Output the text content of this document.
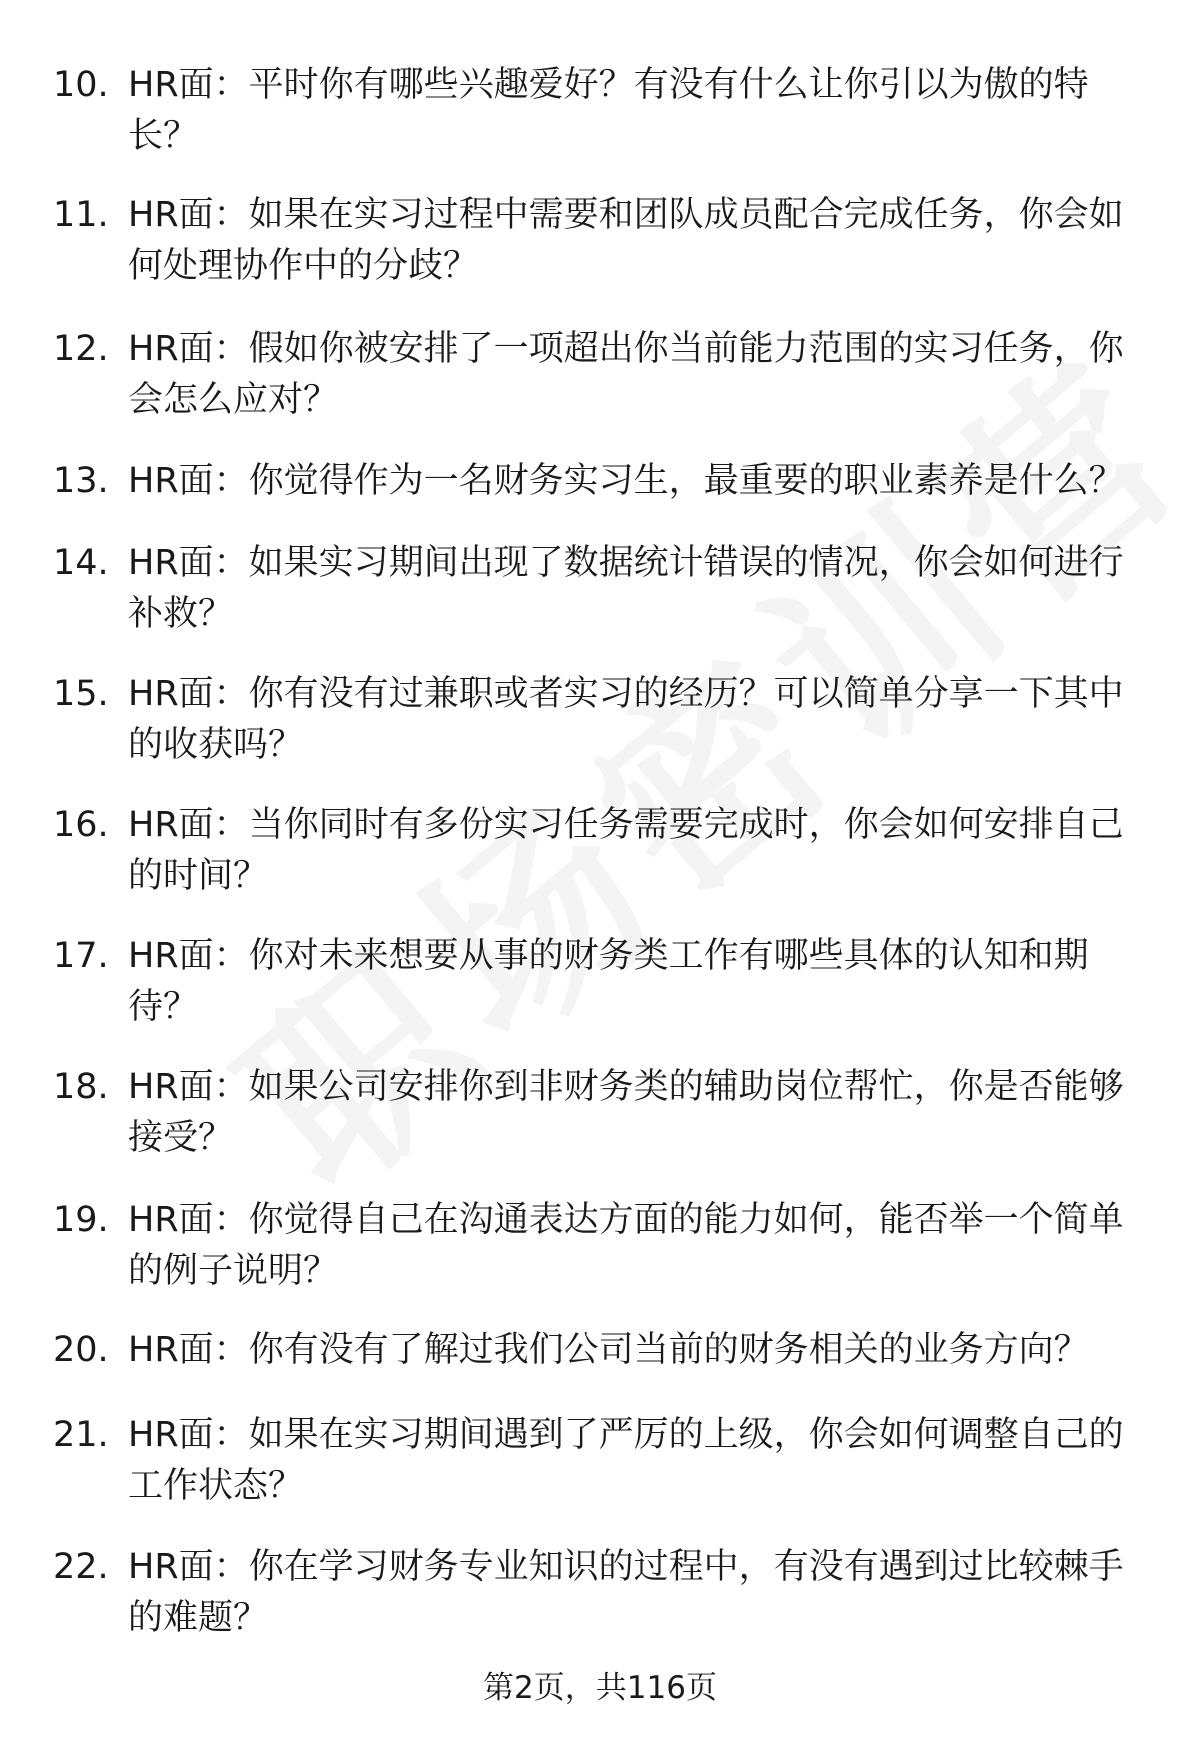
10. HR面：平时你有哪些兴趣爱好？有没有什么让你引以为傲的特
长？
11. HR面：如果在实习过程中需要和团队成员配合完成任务，你会如
何处理协作中的分歧？
12. HR面：假如你被安排了一项超出你当前能力范围的实习任务，你
会怎么应对？
13. HR面：你觉得作为一名财务实习生，最重要的职业素养是什么？
14. HR面：如果实习期间出现了数据统计错误的情况，你会如何进行
补救？
15. HR面：你有没有过兼职或者实习的经历？可以简单分享一下其中
的收获吗？
16. HR面：当你同时有多份实习任务需要完成时，你会如何安排自己
的时间？
17. HR面：你对未来想要从事的财务类工作有哪些具体的认知和期
待？
18. HR面：如果公司安排你到非财务类的辅助岗位帮忙，你是否能够
接受？
19. HR面：你觉得自己在沟通表达方面的能力如何，能否举一个简单
的例子说明？
20. HR面：你有没有了解过我们公司当前的财务相关的业务方向？
21. HR面：如果在实习期间遇到了严厉的上级，你会如何调整自己的
工作状态？
22. HR面：你在学习财务专业知识的过程中，有没有遇到过比较棘手
的难题？
第2页，共116页
